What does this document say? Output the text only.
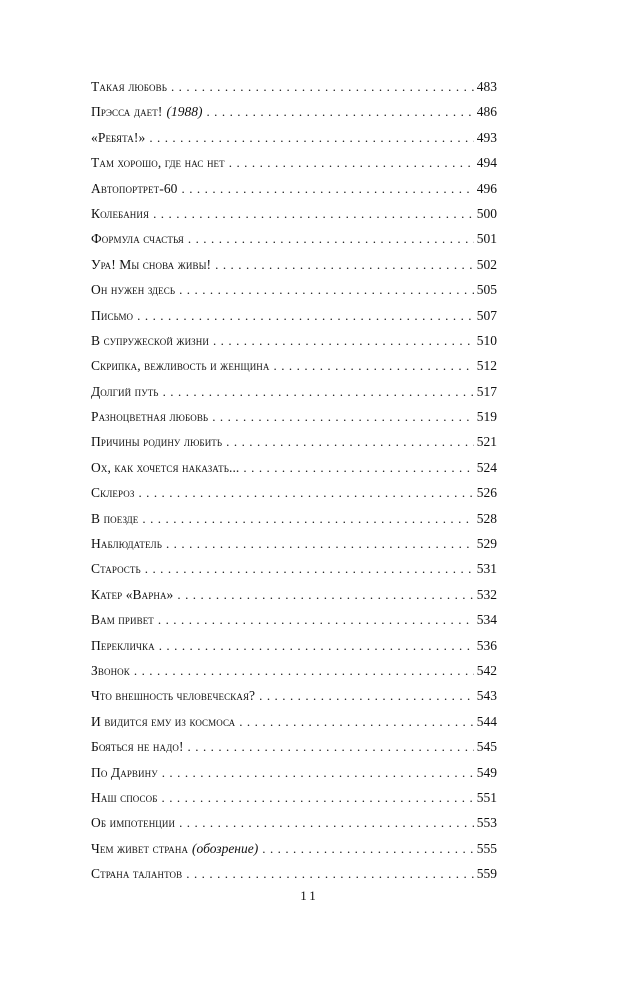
Такая любовь . . .	483
Прэсса дает! (1988) . . .	486
«Ребята!» . . .	493
Там хорошо, где нас нет . . .	494
Автопортрет-60 . . .	496
Колебания . . .	500
Формула счастья . . .	501
Ура! Мы снова живы! . . .	502
Он нужен здесь . . .	505
Письмо . . .	507
В супружеской жизни . . .	510
Скрипка, вежливость и женщина . . .	512
Долгий путь . . .	517
Разноцветная любовь . . .	519
Причины родину любить . . .	521
Ох, как хочется наказать... . . .	524
Склероз . . .	526
В поезде . . .	528
Наблюдатель . . .	529
Старость . . .	531
Катер «Варна» . . .	532
Вам привет . . .	534
Перекличка . . .	536
Звонок . . .	542
Что внешность человеческая? . . .	543
И видится ему из космоса . . .	544
Бояться не надо! . . .	545
По Дарвину . . .	549
Наш способ . . .	551
Об импотенции . . .	553
Чем живет страна (обозрение) . . .	555
Страна талантов . . .	559
11
